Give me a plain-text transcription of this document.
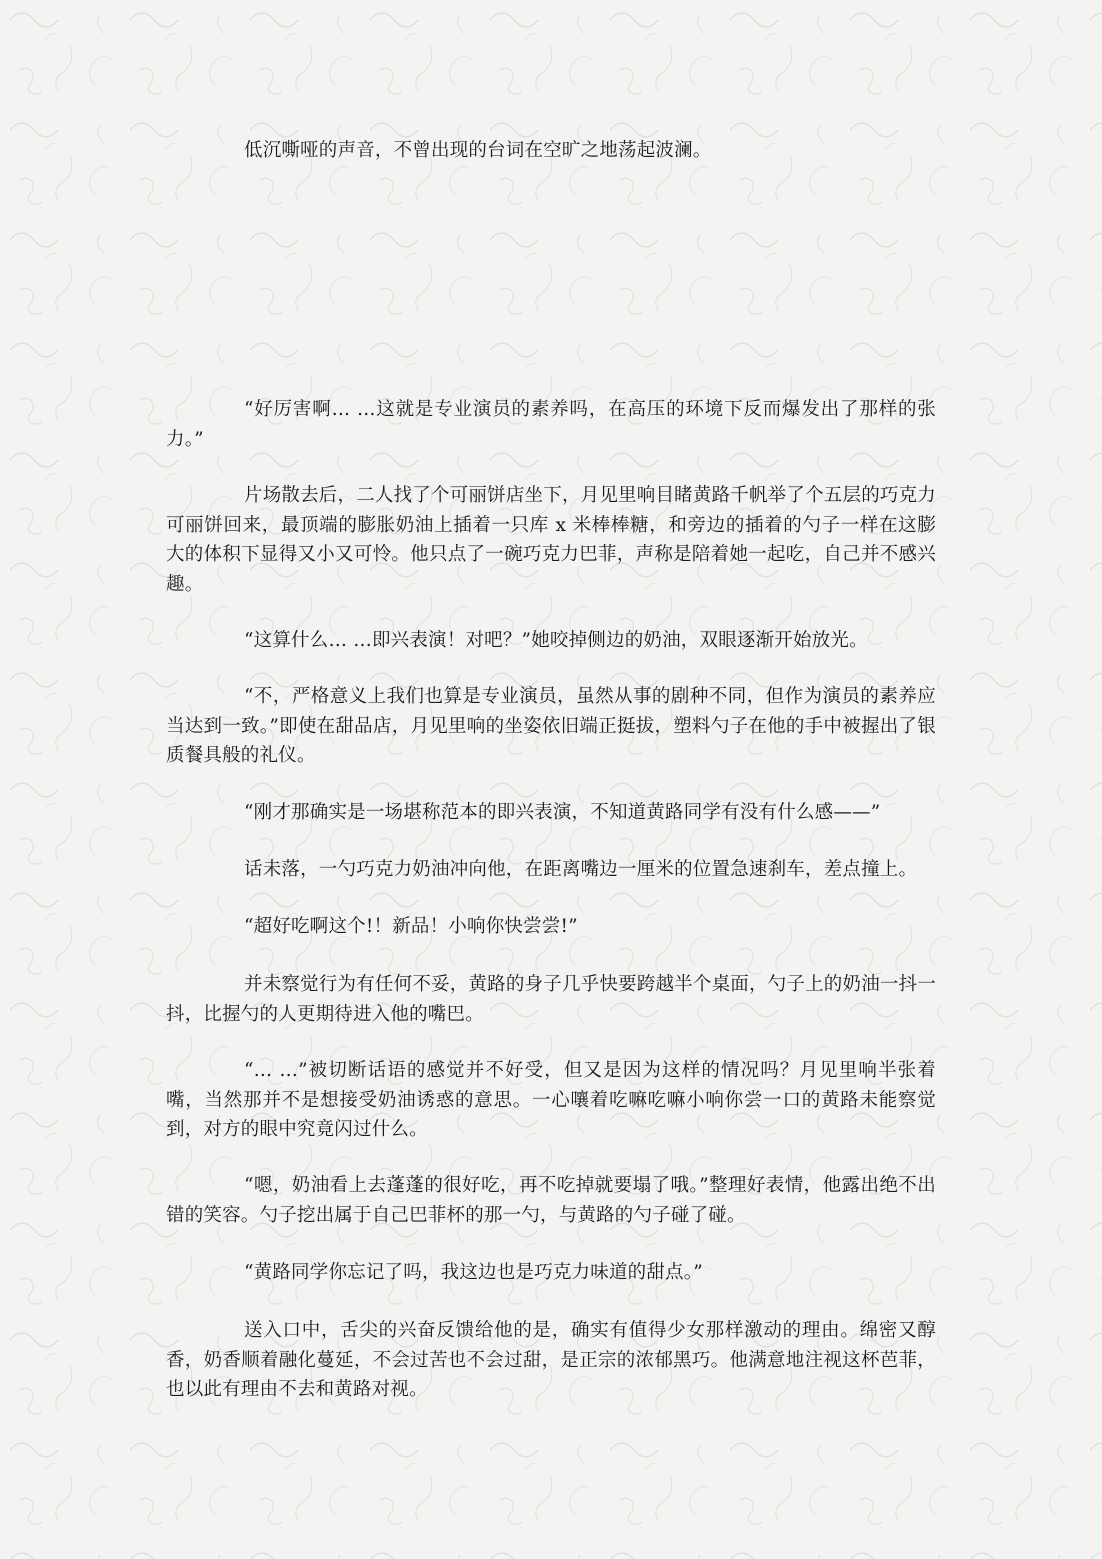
低沉嘶哑的声音，不曾出现的台词在空旷之地荡起波澜。

“好厉害啊… …这就是专业演员的素养吗，在高压的环境下反而爆发出了那样的张力。”

片场散去后，二人找了个可丽饼店坐下，月见里响目睹黄路千帆举了个五层的巧克力可丽饼回来，最顶端的膨胀奶油上插着一只库 x 米棒棒糖，和旁边的插着的勺子一样在这膨大的体积下显得又小又可怜。他只点了一碗巧克力巴菲，声称是陪着她一起吃，自己并不感兴趣。

“这算什么… …即兴表演！对吧？”她咬掉侧边的奶油，双眼逐渐开始放光。

“不，严格意义上我们也算是专业演员，虽然从事的剧种不同，但作为演员的素养应当达到一致。”即使在甜品店，月见里响的坐姿依旧端正挺拔，塑料勺子在他的手中被握出了银质餐具般的礼仪。

“刚才那确实是一场堪称范本的即兴表演，不知道黄路同学有没有什么感——”

话未落，一勺巧克力奶油冲向他，在距离嘴边一厘米的位置急速刹车，差点撞上。

“超好吃啊这个!！新品！小响你快尝尝!”

并未察觉行为有任何不妥，黄路的身子几乎快要跨越半个桌面，勺子上的奶油一抖一抖，比握勺的人更期待进入他的嘴巴。

“… …”被切断话语的感觉并不好受，但又是因为这样的情况吗？月见里响半张着嘴，当然那并不是想接受奶油诱惑的意思。一心嚷着吃嘛吃嘛小响你尝一口的黄路未能察觉到，对方的眼中究竟闪过什么。

“嗯，奶油看上去蓬蓬的很好吃，再不吃掉就要塌了哦。”整理好表情，他露出绝不出错的笑容。勺子挖出属于自己巴菲杯的那一勺，与黄路的勺子碰了碰。

“黄路同学你忘记了吗，我这边也是巧克力味道的甜点。”

送入口中，舌尖的兴奋反馈给他的是，确实有值得少女那样激动的理由。绵密又醇香，奶香顺着融化蔓延，不会过苦也不会过甜，是正宗的浓郁黑巧。他满意地注视这杯芭菲，也以此有理由不去和黄路对视。
